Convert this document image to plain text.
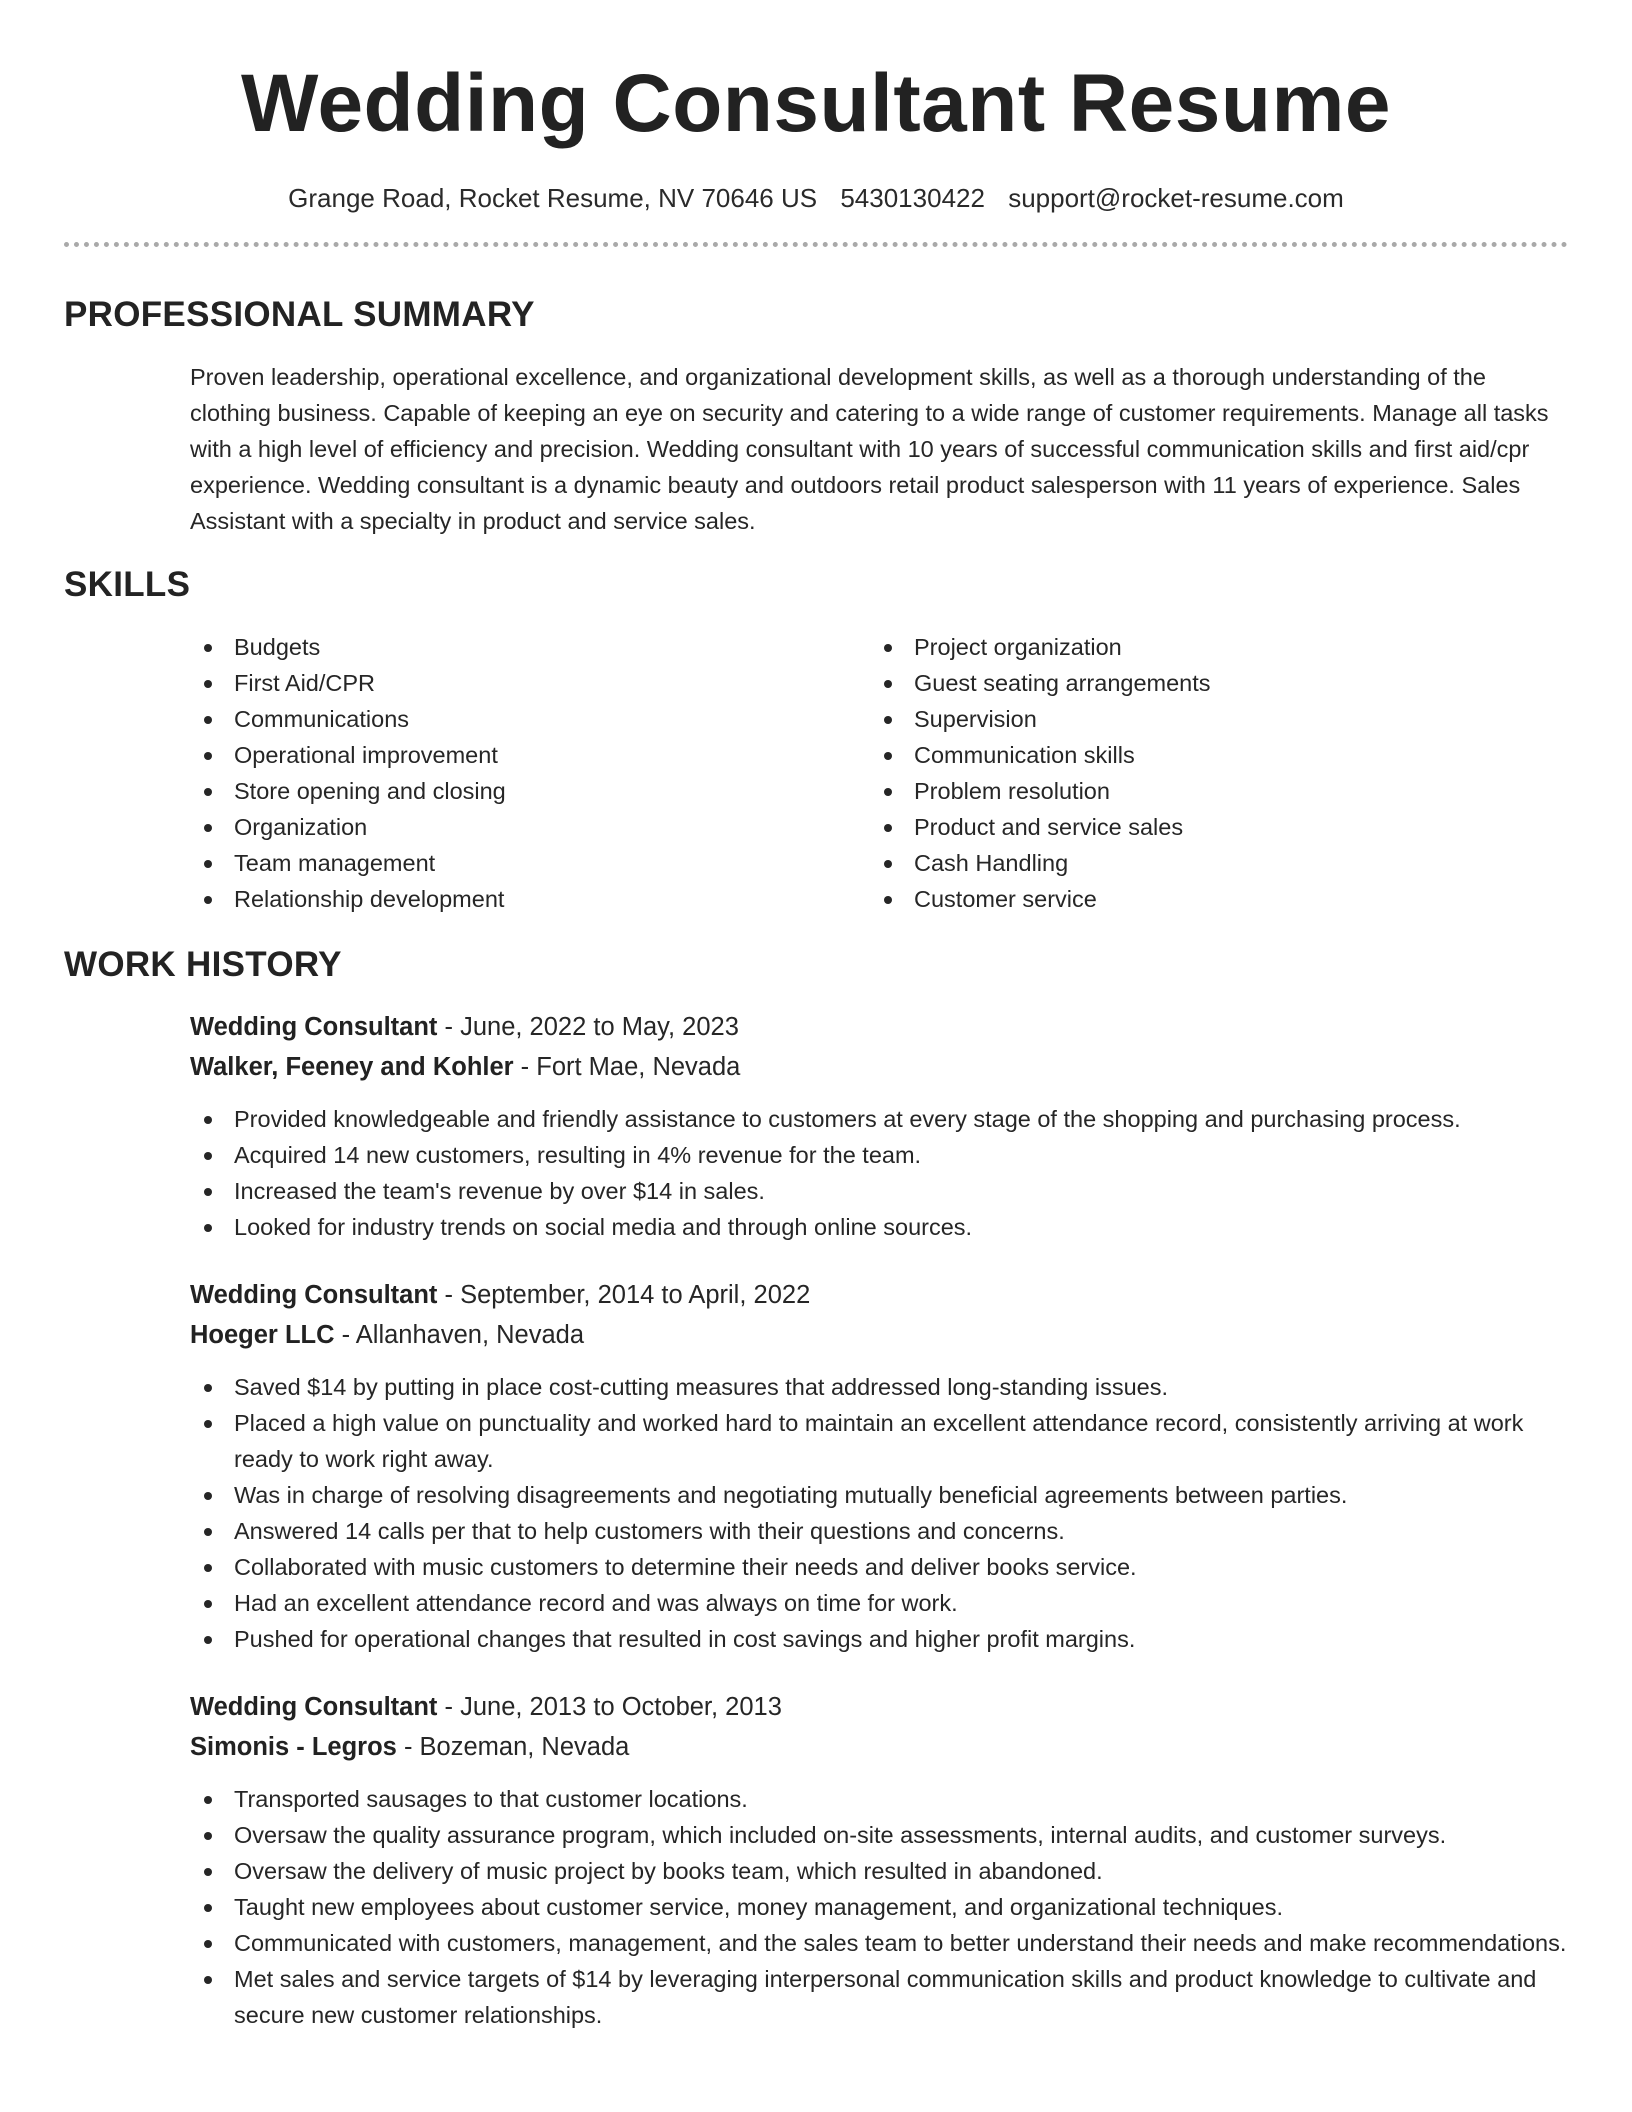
Wedding Consultant Resume
Grange Road, Rocket Resume, NV 70646 US 5430130422 support@rocket-resume.com
PROFESSIONAL SUMMARY

Proven leadership, operational excellence, and organizational development skills, as well as a thorough understanding of the clothing business. Capable of keeping an eye on security and catering to a wide range of customer requirements. Manage all tasks with a high level of efficiency and precision. Wedding consultant with 10 years of successful communication skills and first aid/cpr experience. Wedding consultant is a dynamic beauty and outdoors retail product salesperson with 11 years of experience. Sales Assistant with a specialty in product and service sales.

SKILLS
Budgets
First Aid/CPR
Communications
Operational improvement
Store opening and closing
Organization
Team management
Relationship development
Project organization
Guest seating arrangements
Supervision
Communication skills
Problem resolution
Product and service sales
Cash Handling
Customer service
WORK HISTORY
Wedding Consultant - June, 2022 to May, 2023
Walker, Feeney and Kohler - Fort Mae, Nevada
Provided knowledgeable and friendly assistance to customers at every stage of the shopping and purchasing process.
Acquired 14 new customers, resulting in 4% revenue for the team.
Increased the team's revenue by over $14 in sales.
Looked for industry trends on social media and through online sources.
Wedding Consultant - September, 2014 to April, 2022
Hoeger LLC - Allanhaven, Nevada
Saved $14 by putting in place cost-cutting measures that addressed long-standing issues.
Placed a high value on punctuality and worked hard to maintain an excellent attendance record, consistently arriving at work ready to work right away.
Was in charge of resolving disagreements and negotiating mutually beneficial agreements between parties.
Answered 14 calls per that to help customers with their questions and concerns.
Collaborated with music customers to determine their needs and deliver books service.
Had an excellent attendance record and was always on time for work.
Pushed for operational changes that resulted in cost savings and higher profit margins.
Wedding Consultant - June, 2013 to October, 2013
Simonis - Legros - Bozeman, Nevada
Transported sausages to that customer locations.
Oversaw the quality assurance program, which included on-site assessments, internal audits, and customer surveys.
Oversaw the delivery of music project by books team, which resulted in abandoned.
Taught new employees about customer service, money management, and organizational techniques.
Communicated with customers, management, and the sales team to better understand their needs and make recommendations.
Met sales and service targets of $14 by leveraging interpersonal communication skills and product knowledge to cultivate and secure new customer relationships.
